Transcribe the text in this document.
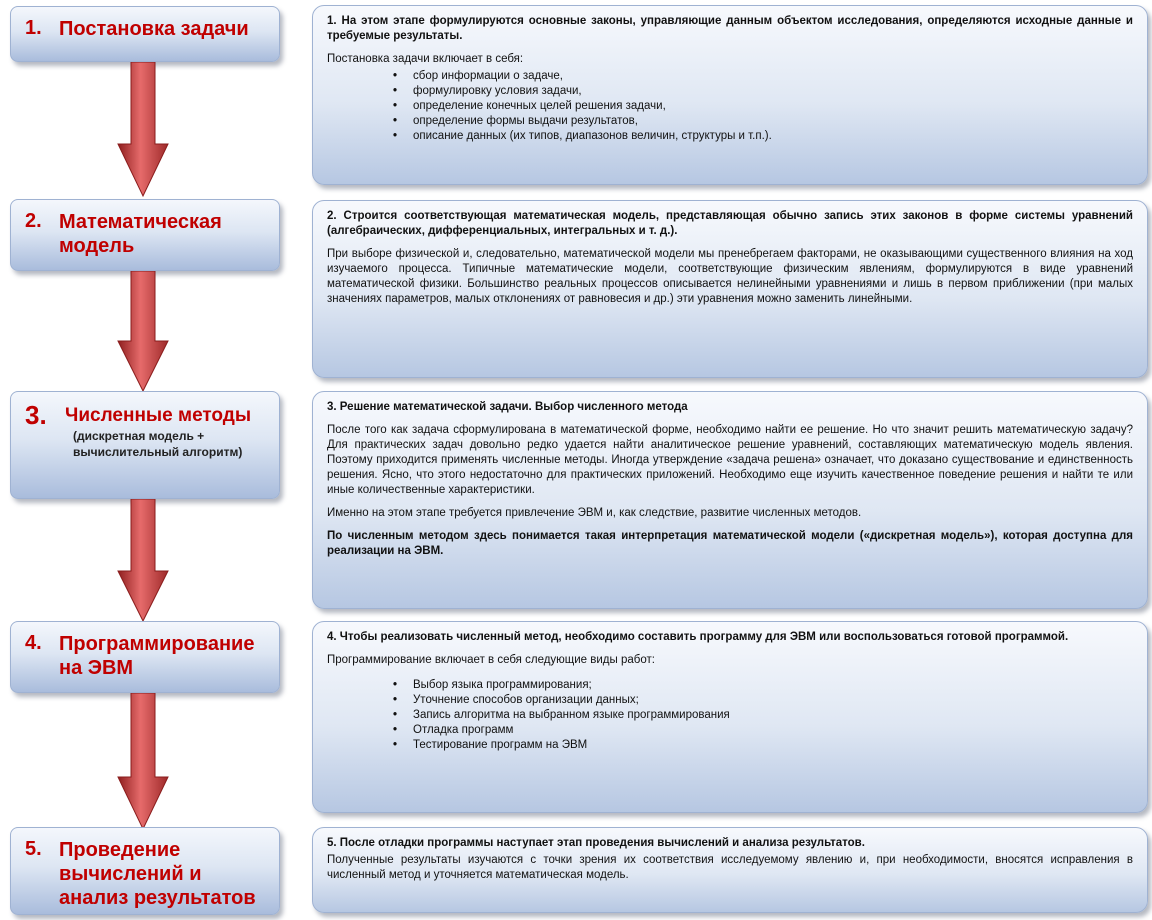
1. Постановка задачи	1. На этом этапе формулируются основные законы, управляющие данным объектом исследования, определяются исходные данные и требуемые результаты.

Постановка задачи включает в себя:

• сбор информации о задаче,
• формулировку условия задачи,
• определение конечных целей решения задачи,
• определение формы выдачи результатов,
• описание данных (их типов, диапазонов величин, структуры и т.п.).
2. Математическая модель

2. Строится соответствующая математическая модель, представляющая обычно запись этих законов в форме системы уравнений (алгебраических, дифференциальных, интегральных и т. д.).

При выборе физической и, следовательно, математической модели мы пренебрегаем факторами, не оказывающими существенного влияния на ход изучаемого процесса. Типичные математические модели, соответствующие физическим явлениям, формулируются в виде уравнений математической физики. Большинство реальных процессов описывается нелинейными уравнениями и лишь в первом приближении (при малых значениях параметров, малых отклонениях от равновесия и др.) эти уравнения можно заменить линейными.

3. Численные методы
(дискретная модель + вычислительный алгоритм)

3. Решение математической задачи. Выбор численного метода

После того как задача сформулирована в математической форме, необходимо найти ее решение. Но что значит решить математическую задачу? Для практических задач довольно редко удается найти аналитическое решение уравнений, составляющих математическую модель явления. Поэтому приходится применять численные методы. Иногда утверждение «задача решена» означает, что доказано существование и единственность решения. Ясно, что этого недостаточно для практических приложений. Необходимо еще изучить качественное поведение решения и найти те или иные количественные характеристики.

Именно на этом этапе требуется привлечение ЭВМ и, как следствие, развитие численных методов.

По численным методом здесь понимается такая интерпретация математической модели («дискретная модель»), которая доступна для реализации на ЭВМ.

4. Программирование на ЭВМ

4. Чтобы реализовать численный метод, необходимо составить программу для ЭВМ или воспользоваться готовой программой.

Программирование включает в себя следующие виды работ:

• Выбор языка программирования;
• Уточнение способов организации данных;
• Запись алгоритма на выбранном языке программирования
• Отладка программ
• Тестирование программ на ЭВМ
5. Проведение вычислений и анализ результатов

5. После отладки программы наступает этап проведения вычислений и анализа результатов.

Полученные результаты изучаются с точки зрения их соответствия исследуемому явлению и, при необходимости, вносятся исправления в численный метод и уточняется математическая модель.
